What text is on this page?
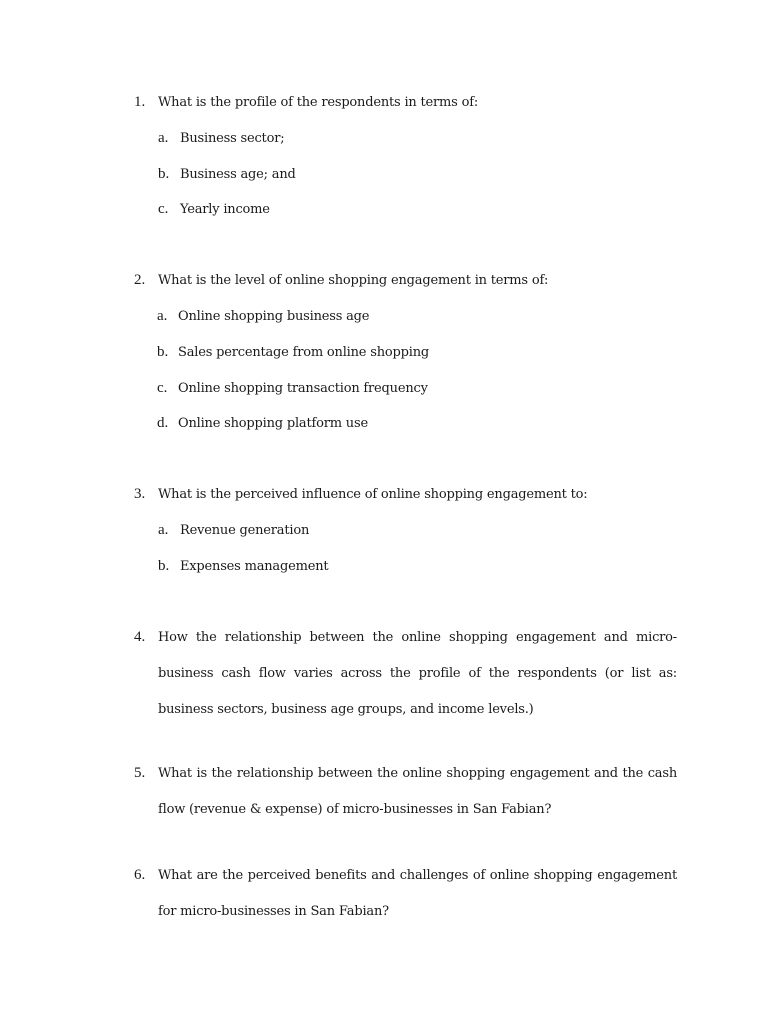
1. What is the profile of the respondents in terms of:
a. Business sector;
b. Business age; and
c. Yearly income
2. What is the level of online shopping engagement in terms of:
a. Online shopping business age
b. Sales percentage from online shopping
c. Online shopping transaction frequency
d. Online shopping platform use
3. What is the perceived influence of online shopping engagement to:
a. Revenue generation
b. Expenses management
4. How the relationship between the online shopping engagement and micro-business cash flow varies across the profile of the respondents (or list as: business sectors, business age groups, and income levels.)
5. What is the relationship between the online shopping engagement and the cash flow (revenue & expense) of micro-businesses in San Fabian?
6. What are the perceived benefits and challenges of online shopping engagement for micro-businesses in San Fabian?
